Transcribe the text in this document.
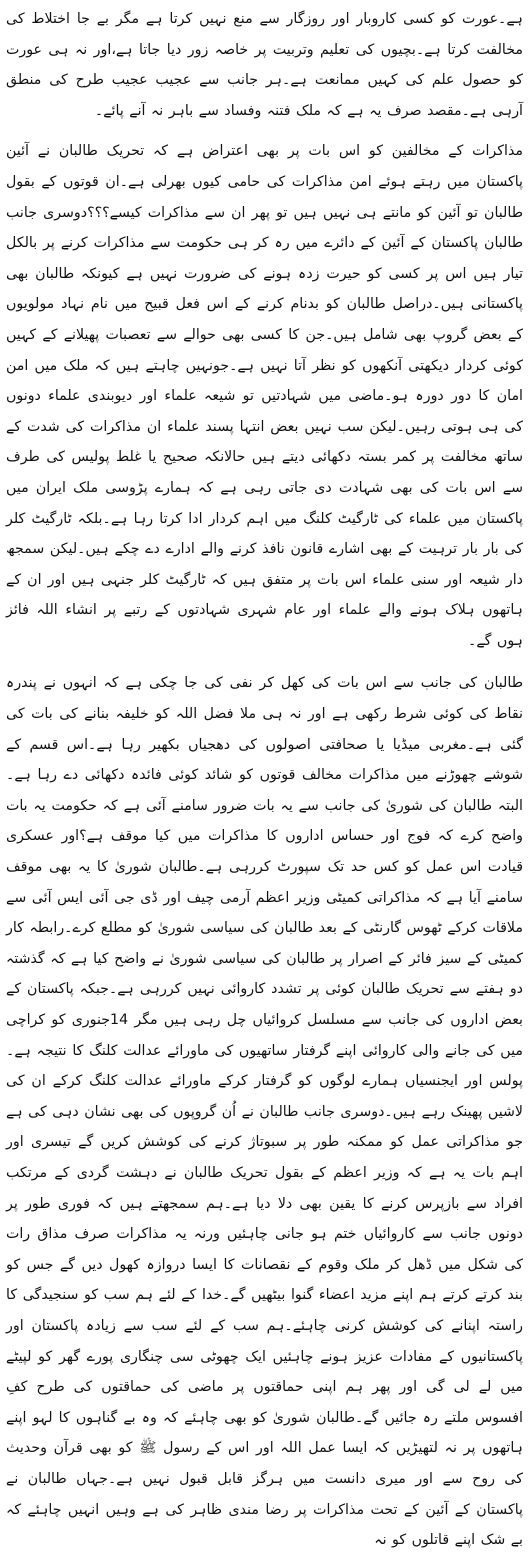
ہے۔عورت کو کسی کاروبار اور روزگار سے منع نہیں کرتا ہے مگر بے جا اختلاط کی مخالفت کرتا ہے۔بچیوں کی تعلیم وتربیت پر خاصہ زور دیا جاتا ہے،اور نہ ہی عورت کو حصول علم کی کہیں ممانعت ہے۔ہر جانب سے عجیب عجیب طرح کی منطق آرہی ہے۔مقصد صرف یہ ہے کہ ملک فتنہ وفساد سے باہر نہ آنے پائے۔

مذاکرات کے مخالفین کو اس بات پر بھی اعتراض ہے کہ تحریک طالبان نے آئین پاکستان میں رہتے ہوئے امن مذاکرات کی حامی کیوں بھرلی ہے۔ان قوتوں کے بقول طالبان تو آئین کو مانتے ہی نہیں ہیں تو پھر ان سے مذاکرات کیسے؟؟؟دوسری جانب طالبان پاکستان کے آئین کے دائرے میں رہ کر ہی حکومت سے مذاکرات کرنے پر بالکل تیار ہیں اس پر کسی کو حیرت زدہ ہونے کی ضرورت نہیں ہے کیونکہ طالبان بھی پاکستانی ہیں۔دراصل طالبان کو بدنام کرنے کے اس فعل قبیح میں نام نہاد مولویوں کے بعض گروپ بھی شامل ہیں۔جن کا کسی بھی حوالے سے تعصبات پھیلانے کے کہیں کوئی کردار دیکھتی آنکھوں کو نظر آتا نہیں ہے۔جونہیں چاہتے ہیں کہ ملک میں امن امان کا دور دورہ ہو۔ماضی میں شہادتیں تو شیعہ علماء اور دیوبندی علماء دونوں کی ہی ہوتی رہیں۔لیکن سب نہیں بعض انتہا پسند علماء ان مذاکرات کی شدت کے ساتھ مخالفت پر کمر بستہ دکھائی دیتے ہیں حالانکہ صحیح یا غلط پولیس کی طرف سے اس بات کی بھی شہادت دی جاتی رہی ہے کہ ہمارے پڑوسی ملک ایران میں پاکستان میں علماء کی ٹارگیٹ کلنگ میں اہم کردار ادا کرتا رہا ہے۔بلکہ ٹارگیٹ کلر کی بار بار ترہیت کے بھی اشارے قانون نافذ کرنے والے ادارے دے چکے ہیں۔لیکن سمجھ دار شیعہ اور سنی علماء اس بات پر متفق ہیں کہ ٹارگیٹ کلر جنہی ہیں اور ان کے ہاتھوں ہلاک ہونے والے علماء اور عام شہری شہادتوں کے رتبے پر انشاء اللہ فائز ہوں گے۔

طالبان کی جانب سے اس بات کی کھل کر نفی کی جا چکی ہے کہ انہوں نے پندرہ نقاط کی کوئی شرط رکھی ہے اور نہ ہی ملا فضل اللہ کو خلیفہ بنانے کی بات کی گئی ہے۔مغربی میڈیا یا صحافتی اصولوں کی دھجیاں بکھیر رہا ہے۔اس قسم کے شوشے چھوڑنے میں مذاکرات مخالف قوتوں کو شائد کوئی فائدہ دکھائی دے رہا ہے۔البتہ طالبان کی شوریٰ کی جانب سے یہ بات ضرور سامنے آئی ہے کہ حکومت یہ بات واضح کرے کہ فوج اور حساس اداروں کا مذاکرات میں کیا موقف ہے؟اور عسکری قیادت اس عمل کو کس حد تک سپورٹ کررہی ہے۔طالبان شوریٰ کا یہ بھی موقف سامنے آیا ہے کہ مذاکراتی کمیٹی وزیر اعظم آرمی چیف اور ڈی جی آئی ایس آئی سے ملاقات کرکے ٹھوس گارنٹی کے بعد طالبان کی سیاسی شوریٰ کو مطلع کرے۔رابطہ کار کمیٹی کے سیز فائر کے اصرار پر طالبان کی سیاسی شوریٰ نے واضح کیا ہے کہ گذشتہ دو ہفتے سے تحریک طالبان کوئی پر تشدد کاروائی نہیں کررہی ہے۔جبکہ پاکستان کے بعض اداروں کی جانب سے مسلسل کروائیاں چل رہی ہیں مگر 14جنوری کو کراچی میں کی جانے والی کاروائی اپنے گرفتار ساتھیوں کی ماورائے عدالت کلنگ کا نتیجہ ہے۔پولس اور ایجنسیاں ہمارے لوگوں کو گرفتار کرکے ماورائے عدالت کلنگ کرکے ان کی لاشیں پھینک رہے ہیں۔دوسری جانب طالبان نے اُن گروپوں کی بھی نشان دہی کی ہے جو مذاکراتی عمل کو ممکنہ طور پر سبوتاژ کرنے کی کوشش کریں گے تیسری اور اہم بات یہ ہے کہ وزیر اعظم کے بقول تحریک طالبان نے دہشت گردی کے مرتکب افراد سے بازپرس کرنے کا یقین بھی دلا دیا ہے۔ہم سمجھتے ہیں کہ فوری طور پر دونوں جانب سے کاروائیاں ختم ہو جانی چاہئیں ورنہ یہ مذاکرات صرف مذاق رات کی شکل میں ڈھل کر ملک وقوم کے نقصانات کا ایسا دروازہ کھول دیں گے جس کو بند کرتے کرتے ہم اپنے مزید اعضاء گنوا بیٹھیں گے۔خدا کے لئے ہم سب کو سنجیدگی کا راستہ اپنانے کی کوشش کرنی چاہئے۔ہم سب کے لئے سب سے زیادہ پاکستان اور پاکستانیوں کے مفادات عزیز ہونے چاہئیں ایک چھوٹی سی چنگاری پورے گھر کو لپیٹے میں لے لی گی اور پھر ہم اپنی حماقتوں پر ماضی کی حماقتوں کی طرح کفِ افسوس ملتے رہ جائیں گے۔طالبان شوریٰ کو بھی چاہئے کہ وہ بے گناہوں کا لہو اپنے ہاتھوں پر نہ لتھیڑیں کہ ایسا عمل اللہ اور اس کے رسول ﷺ کو بھی قرآن وحدیث کی روح سے اور میری دانست میں ہرگز قابل قبول نہیں ہے۔جہاں طالبان نے پاکستان کے آئین کے تحت مذاکرات پر رضا مندی ظاہر کی ہے وہیں انہیں چاہئے کہ بے شک اپنے قاتلوں کو نہ
